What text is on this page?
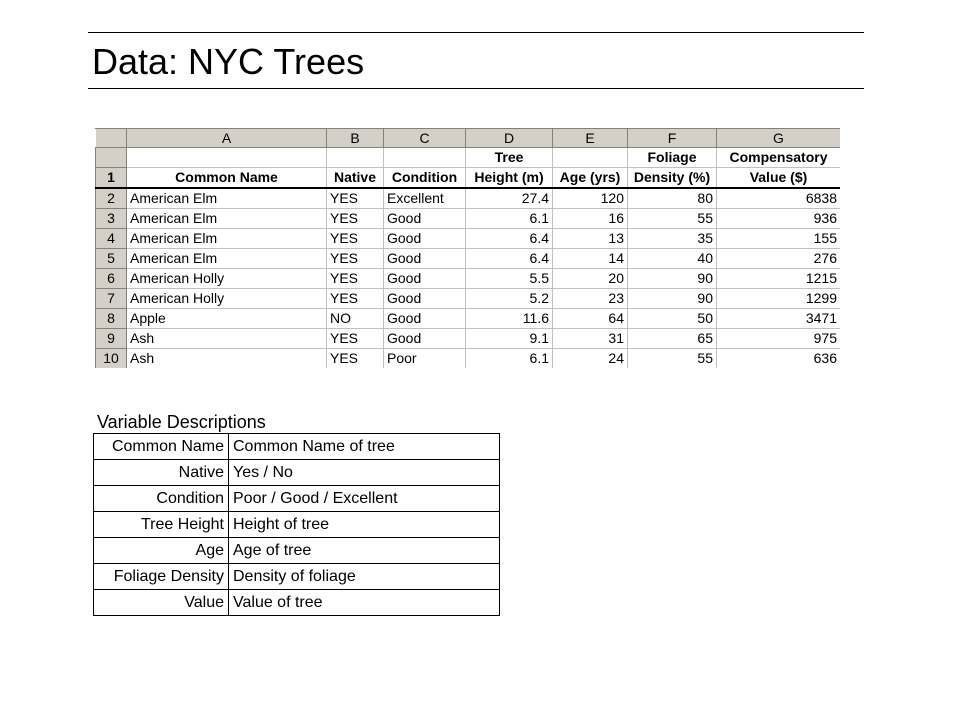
Data: NYC Trees
	A	B	C	D	E	F	G
				Tree		Foliage	Compensatory
1	Common Name	Native	Condition	Height (m)	Age (yrs)	Density (%)	Value ($)
2	American Elm	YES	Excellent	27.4	120	80	6838
3	American Elm	YES	Good	6.1	16	55	936
4	American Elm	YES	Good	6.4	13	35	155
5	American Elm	YES	Good	6.4	14	40	276
6	American Holly	YES	Good	5.5	20	90	1215
7	American Holly	YES	Good	5.2	23	90	1299
8	Apple	NO	Good	11.6	64	50	3471
9	Ash	YES	Good	9.1	31	65	975
10	Ash	YES	Poor	6.1	24	55	636
Variable Descriptions
Common Name	Common Name of tree
Native	Yes / No
Condition	Poor / Good / Excellent
Tree Height	Height of tree
Age	Age of tree
Foliage Density	Density of foliage
Value	Value of tree
